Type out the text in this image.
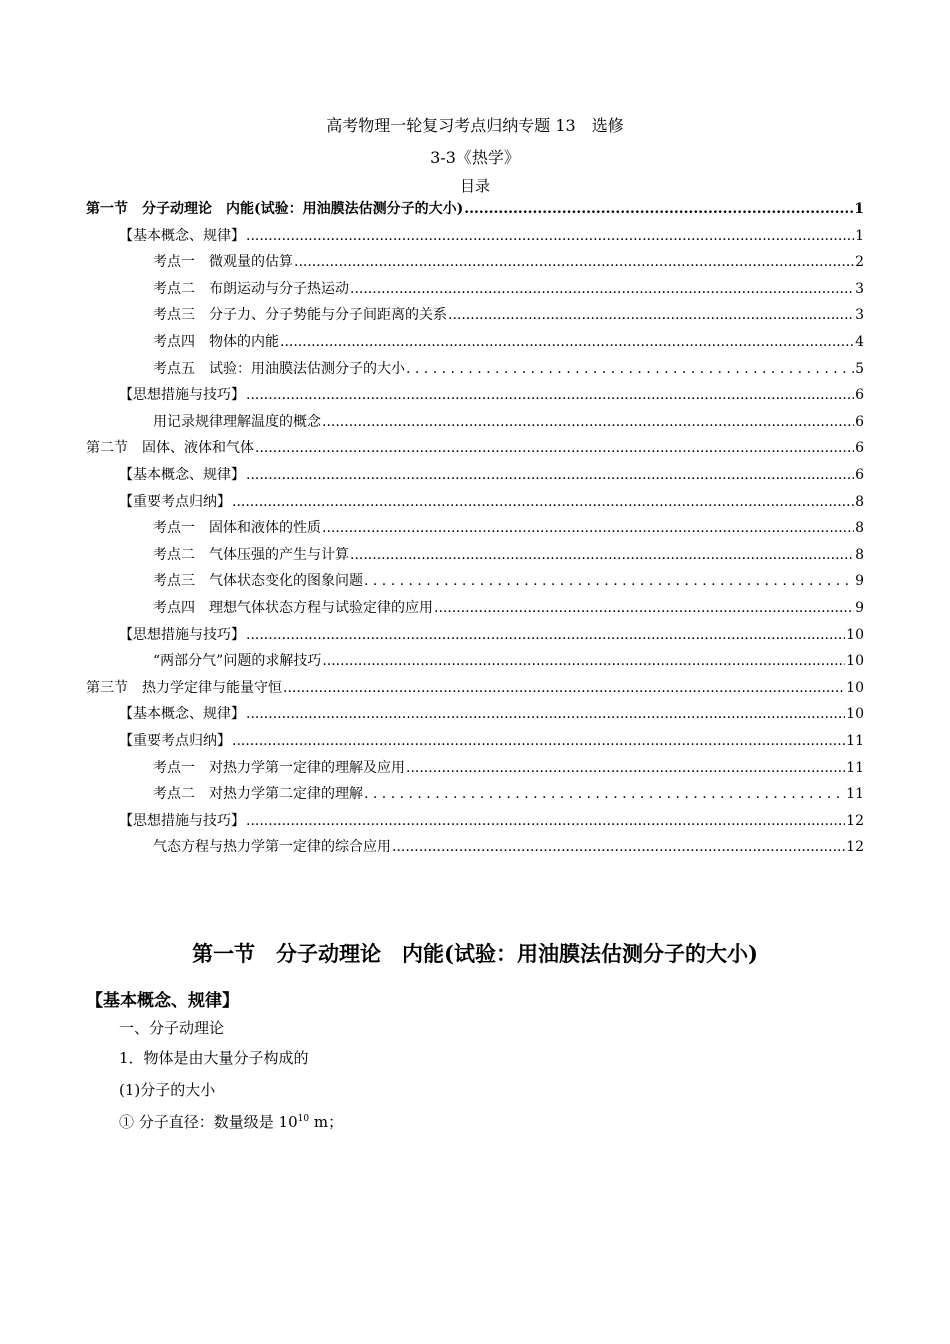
高考物理一轮复习考点归纳专题 13　选修
3-3《热学》
目录
第一节　分子动理论　内能(试验：用油膜法估测分子的大小) .....	1
【基本概念、规律】 .....	1
考点一　微观量的估算 .....	2
考点二　布朗运动与分子热运动 .....	3
考点三　分子力、分子势能与分子间距离的关系 .....	3
考点四　物体的内能 .....	4
考点五　试验：用油膜法估测分子的大小 . . .	5
【思想措施与技巧】 .....	6
用记录规律理解温度的概念 .....	6
第二节　固体、液体和气体 .....	6
【基本概念、规律】 .....	6
【重要考点归纳】 .....	8
考点一　固体和液体的性质 .....	8
考点二　气体压强的产生与计算 .....	8
考点三　气体状态变化的图象问题 . . .	9
考点四　理想气体状态方程与试验定律的应用 .....	9
【思想措施与技巧】 .....	10
“两部分气”问题的求解技巧 .....	10
第三节　热力学定律与能量守恒 .....	10
【基本概念、规律】 .....	10
【重要考点归纳】 .....	11
考点一　对热力学第一定律的理解及应用 .....	11
考点二　对热力学第二定律的理解 . . .	11
【思想措施与技巧】 .....	12
气态方程与热力学第一定律的综合应用 .....	12
第一节　分子动理论　内能(试验：用油膜法估测分子的大小)
【基本概念、规律】
一、分子动理论
1．物体是由大量分子构成的
(1)分子的大小
① 分子直径：数量级是 $10^{10}$ m；
